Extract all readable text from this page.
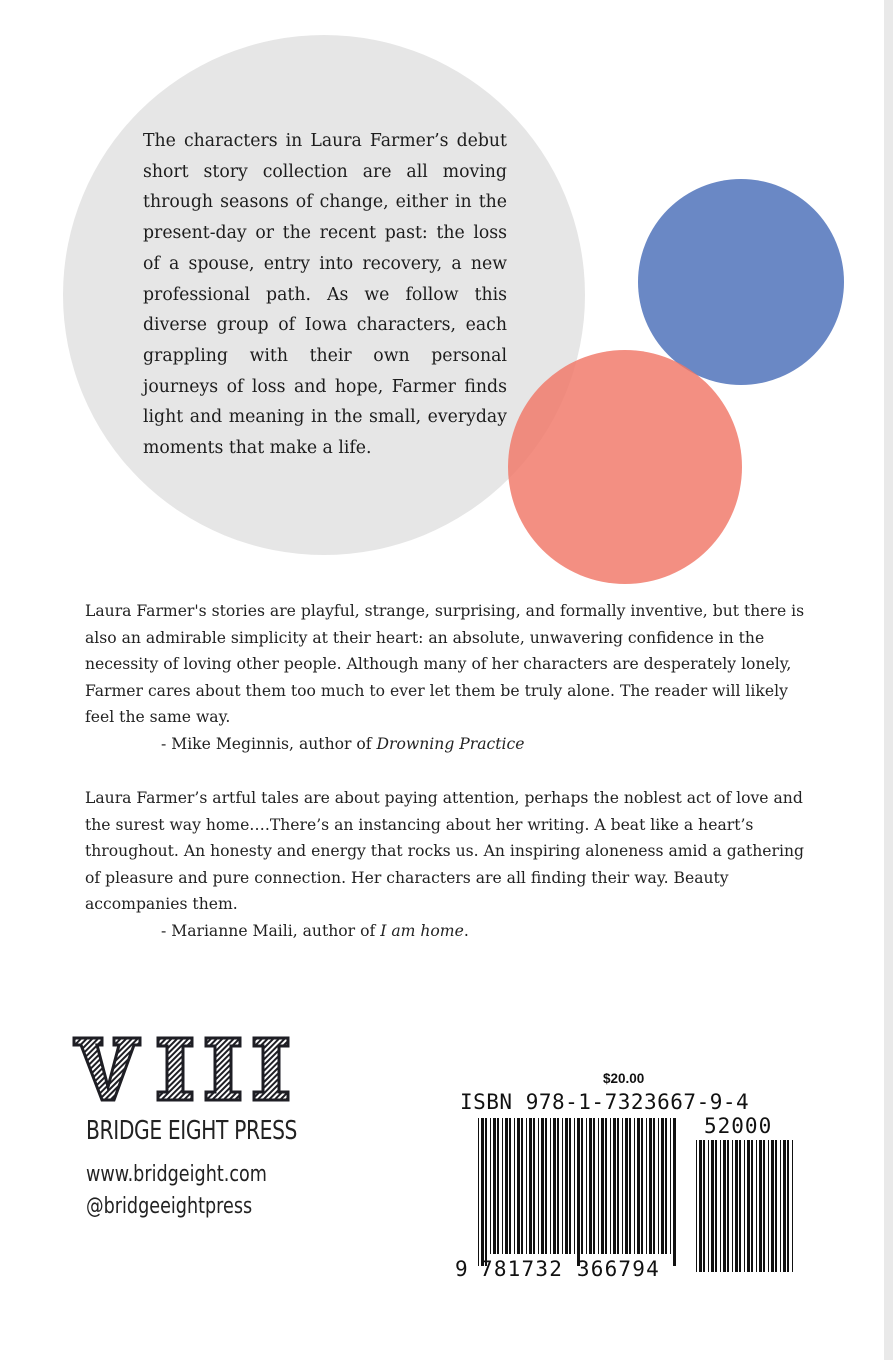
The characters in Laura Farmer’s debut short story collection are all moving through seasons of change, either in the present-day or the recent past: the loss of a spouse, entry into recovery, a new professional path. As we follow this diverse group of Iowa characters, each grappling with their own personal journeys of loss and hope, Farmer finds light and meaning in the small, everyday moments that make a life.

Laura Farmer's stories are playful, strange, surprising, and formally inventive, but there is also an admirable simplicity at their heart: an absolute, unwavering confidence in the necessity of loving other people. Although many of her characters are desperately lonely, Farmer cares about them too much to ever let them be truly alone. The reader will likely feel the same way.
- Mike Meginnis, author of Drowning Practice
Laura Farmer’s artful tales are about paying attention, perhaps the noblest act of love and the surest way home….There’s an instancing about her writing. A beat like a heart’s throughout. An honesty and energy that rocks us. An inspiring aloneness amid a gathering of pleasure and pure connection. Her characters are all finding their way. Beauty accompanies them.
- Marianne Maili, author of I am home.
BRIDGE EIGHT PRESS
www.bridgeight.com
@bridgeeightpress
$20.00
ISBN 978-1-7323667-9-4
52000
9 781732 366794
